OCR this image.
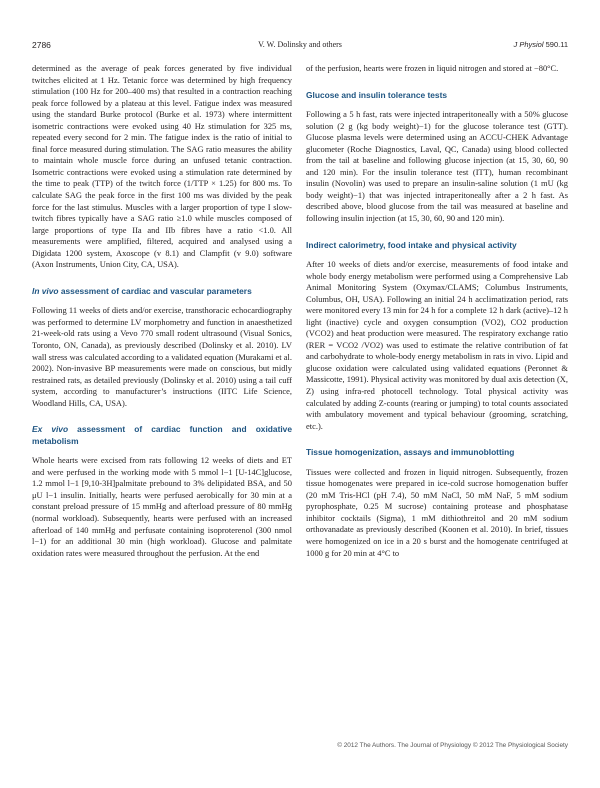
2786	V. W. Dolinsky and others	J Physiol 590.11

determined as the average of peak forces generated by five individual twitches elicited at 1 Hz. Tetanic force was determined by high frequency stimulation (100 Hz for 200–400 ms) that resulted in a contraction reaching peak force followed by a plateau at this level. Fatigue index was measured using the standard Burke protocol (Burke et al. 1973) where intermittent isometric contractions were evoked using 40 Hz stimulation for 325 ms, repeated every second for 2 min. The fatigue index is the ratio of initial to final force measured during stimulation. The SAG ratio measures the ability to maintain whole muscle force during an unfused tetanic contraction. Isometric contractions were evoked using a stimulation rate determined by the time to peak (TTP) of the twitch force (1/TTP × 1.25) for 800 ms. To calculate SAG the peak force in the first 100 ms was divided by the peak force for the last stimulus. Muscles with a larger proportion of type I slow-twitch fibres typically have a SAG ratio ≥1.0 while muscles composed of large proportions of type IIa and IIb fibres have a ratio <1.0. All measurements were amplified, filtered, acquired and analysed using a Digidata 1200 system, Axoscope (v 8.1) and Clampfit (v 9.0) software (Axon Instruments, Union City, CA, USA).

In vivo assessment of cardiac and vascular parameters

Following 11 weeks of diets and/or exercise, transthoracic echocardiography was performed to determine LV morphometry and function in anaesthetized 21-week-old rats using a Vevo 770 small rodent ultrasound (Visual Sonics, Toronto, ON, Canada), as previously described (Dolinsky et al. 2010). LV wall stress was calculated according to a validated equation (Murakami et al. 2002). Non-invasive BP measurements were made on conscious, but midly restrained rats, as detailed previously (Dolinsky et al. 2010) using a tail cuff system, according to manufacturer’s instructions (IITC Life Science, Woodland Hills, CA, USA).

Ex vivo assessment of cardiac function and oxidative metabolism

Whole hearts were excised from rats following 12 weeks of diets and ET and were perfused in the working mode with 5 mmol l−1 [U-14C]glucose, 1.2 mmol l−1 [9,10-3H]palmitate prebound to 3% delipidated BSA, and 50 μU l−1 insulin. Initially, hearts were perfused aerobically for 30 min at a constant preload pressure of 15 mmHg and afterload pressure of 80 mmHg (normal workload). Subsequently, hearts were perfused with an increased afterload of 140 mmHg and perfusate containing isoproterenol (300 nmol l−1) for an additional 30 min (high workload). Glucose and palmitate oxidation rates were measured throughout the perfusion. At the end

of the perfusion, hearts were frozen in liquid nitrogen and stored at −80°C.

Glucose and insulin tolerance tests

Following a 5 h fast, rats were injected intraperitoneally with a 50% glucose solution (2 g (kg body weight)−1) for the glucose tolerance test (GTT). Glucose plasma levels were determined using an ACCU-CHEK Advantage glucometer (Roche Diagnostics, Laval, QC, Canada) using blood collected from the tail at baseline and following glucose injection (at 15, 30, 60, 90 and 120 min). For the insulin tolerance test (ITT), human recombinant insulin (Novolin) was used to prepare an insulin-saline solution (1 mU (kg body weight)−1) that was injected intraperitoneally after a 2 h fast. As described above, blood glucose from the tail was measured at baseline and following insulin injection (at 15, 30, 60, 90 and 120 min).

Indirect calorimetry, food intake and physical activity

After 10 weeks of diets and/or exercise, measurements of food intake and whole body energy metabolism were performed using a Comprehensive Lab Animal Monitoring System (Oxymax/CLAMS; Columbus Instruments, Columbus, OH, USA). Following an initial 24 h acclimatization period, rats were monitored every 13 min for 24 h for a complete 12 h dark (active)–12 h light (inactive) cycle and oxygen consumption (VO2), CO2 production (VCO2) and heat production were measured. The respiratory exchange ratio (RER = VCO2 /VO2) was used to estimate the relative contribution of fat and carbohydrate to whole-body energy metabolism in rats in vivo. Lipid and glucose oxidation were calculated using validated equations (Peronnet & Massicotte, 1991). Physical activity was monitored by dual axis detection (X, Z) using infra-red photocell technology. Total physical activity was calculated by adding Z-counts (rearing or jumping) to total counts associated with ambulatory movement and typical behaviour (grooming, scratching, etc.).

Tissue homogenization, assays and immunoblotting

Tissues were collected and frozen in liquid nitrogen. Subsequently, frozen tissue homogenates were prepared in ice-cold sucrose homogenation buffer (20 mM Tris-HCl (pH 7.4), 50 mM NaCl, 50 mM NaF, 5 mM sodium pyrophosphate, 0.25 M sucrose) containing protease and phosphatase inhibitor cocktails (Sigma), 1 mM dithiothreitol and 20 mM sodium orthovanadate as previously described (Koonen et al. 2010). In brief, tissues were homogenized on ice in a 20 s burst and the homogenate centrifuged at 1000 g for 20 min at 4°C to

© 2012 The Authors. The Journal of Physiology © 2012 The Physiological Society
